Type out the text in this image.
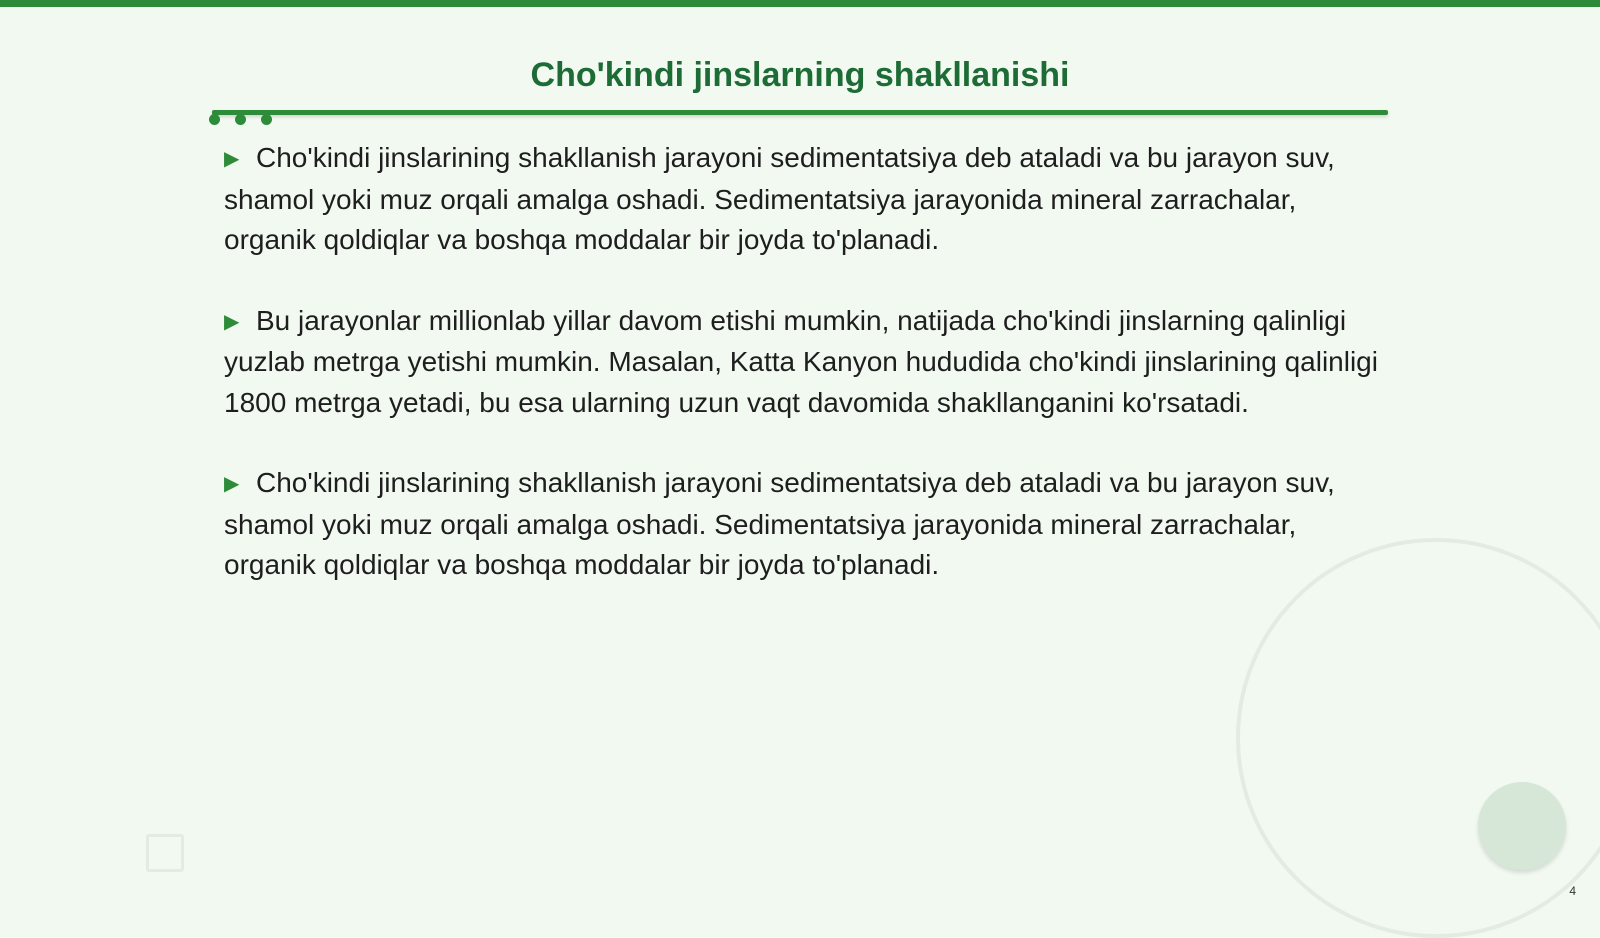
Cho'kindi jinslarning shakllanishi
▶ Cho'kindi jinslarining shakllanish jarayoni sedimentatsiya deb ataladi va bu jarayon suv, shamol yoki muz orqali amalga oshadi. Sedimentatsiya jarayonida mineral zarrachalar, organik qoldiqlar va boshqa moddalar bir joyda to'planadi.
▶ Bu jarayonlar millionlab yillar davom etishi mumkin, natijada cho'kindi jinslarning qalinligi yuzlab metrga yetishi mumkin. Masalan, Katta Kanyon hududida cho'kindi jinslarining qalinligi 1800 metrga yetadi, bu esa ularning uzun vaqt davomida shakllanganini ko'rsatadi.
▶ Cho'kindi jinslarining shakllanish jarayoni sedimentatsiya deb ataladi va bu jarayon suv, shamol yoki muz orqali amalga oshadi. Sedimentatsiya jarayonida mineral zarrachalar, organik qoldiqlar va boshqa moddalar bir joyda to'planadi.
4
